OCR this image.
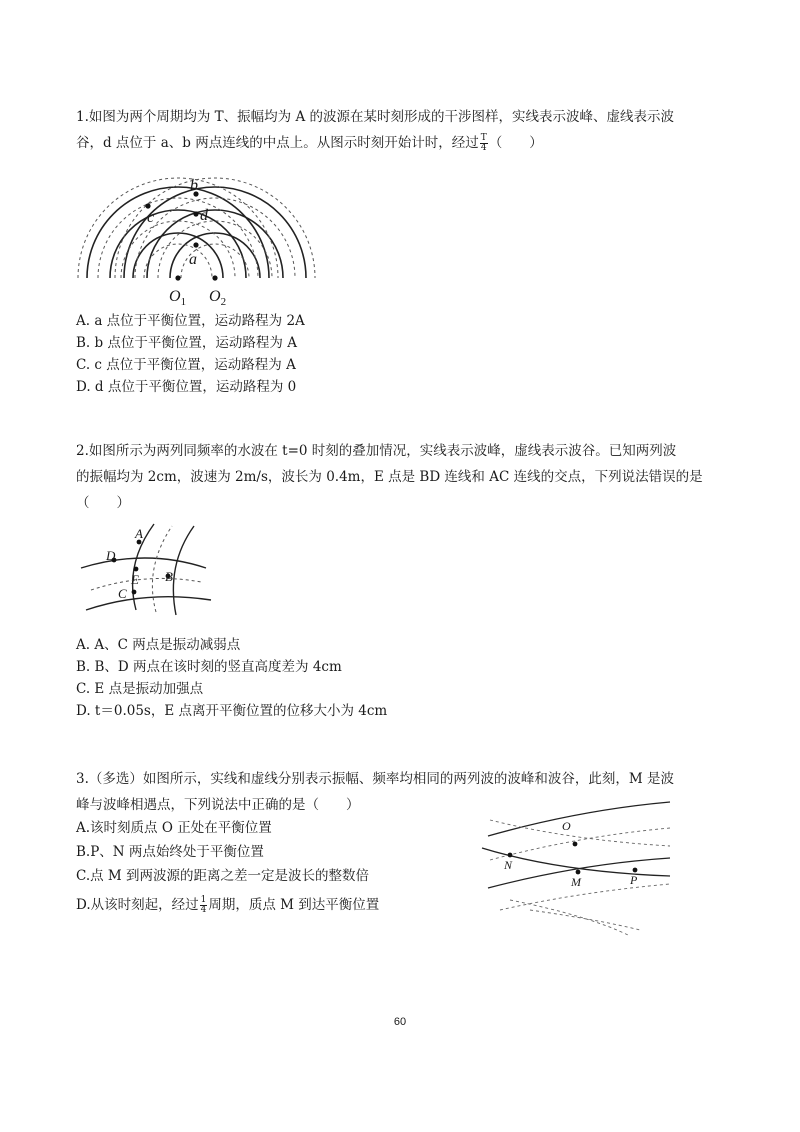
1.如图为两个周期均为 T、振幅均为 A 的波源在某时刻形成的干涉图样，实线表示波峰、虚线表示波

谷，d 点位于 a、b 两点连线的中点上。从图示时刻开始计时，经过 $\frac{T}{4}$ （　　）

a
b
c	d
$O_1$ $O_2$

A. a 点位于平衡位置，运动路程为 2A

B. b 点位于平衡位置，运动路程为 A

C. c 点位于平衡位置，运动路程为 A

D. d 点位于平衡位置，运动路程为 0

2.如图所示为两列同频率的水波在 t=0 时刻的叠加情况，实线表示波峰，虚线表示波谷。已知两列波

的振幅均为 2cm，波速为 2m/s，波长为 0.4m，E 点是 BD 连线和 AC 连线的交点，下列说法错误的是

（　　）

A
B
C
D
E

A. A、C 两点是振动减弱点

B. B、D 两点在该时刻的竖直高度差为 4cm

C. E 点是振动加强点

D. t＝0.05s，E 点离开平衡位置的位移大小为 4cm

3.（多选）如图所示，实线和虚线分别表示振幅、频率均相同的两列波的波峰和波谷，此刻，M 是波

峰与波峰相遇点，下列说法中正确的是（　　）

A.该时刻质点 O 正处在平衡位置

B.P、N 两点始终处于平衡位置

C.点 M 到两波源的距离之差一定是波长的整数倍

D.从该时刻起，经过 $\frac{1}{4}$ 周期，质点 M 到达平衡位置

O
N
M	P
60
